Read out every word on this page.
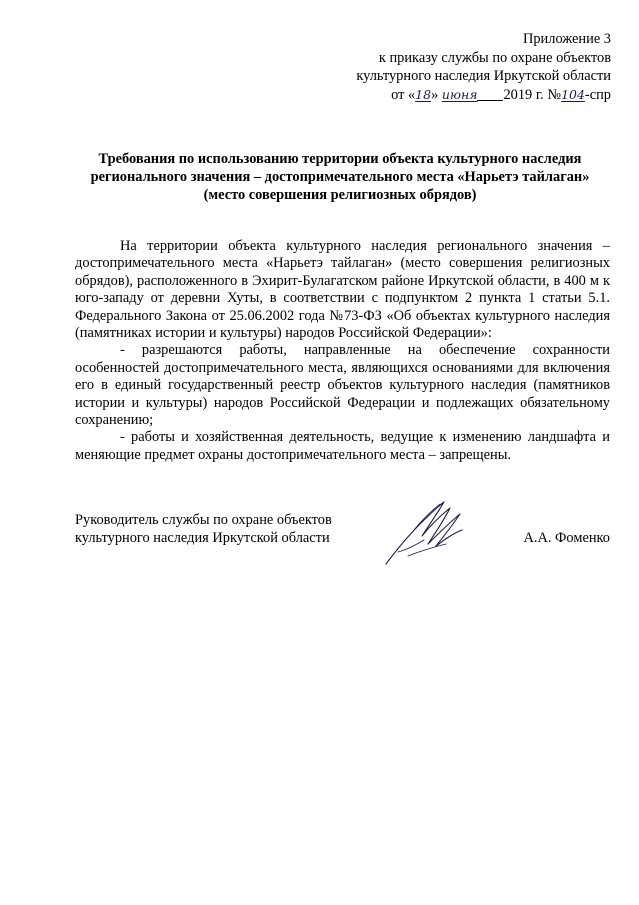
Приложение 3
к приказу службы по охране объектов
культурного наследия Иркутской области
от «18» июня 2019 г. №104-спр
Требования по использованию территории объекта культурного наследия
регионального значения – достопримечательного места «Нарьетэ тайлаган»
(место совершения религиозных обрядов)

На территории объекта культурного наследия регионального значения – достопримечательного места «Нарьетэ тайлаган» (место совершения религиозных обрядов), расположенного в Эхирит-Булагатском районе Иркутской области, в 400 м к юго-западу от деревни Хуты, в соответствии с подпунктом 2 пункта 1 статьи 5.1. Федерального Закона от 25.06.2002 года №73-ФЗ «Об объектах культурного наследия (памятниках истории и культуры) народов Российской Федерации»:

- разрешаются работы, направленные на обеспечение сохранности особенностей достопримечательного места, являющихся основаниями для включения его в единый государственный реестр объектов культурного наследия (памятников истории и культуры) народов Российской Федерации и подлежащих обязательному сохранению;

- работы и хозяйственная деятельность, ведущие к изменению ландшафта и меняющие предмет охраны достопримечательного места – запрещены.

Руководитель службы по охране объектов
культурного наследия Иркутской области	А.А. Фоменко
